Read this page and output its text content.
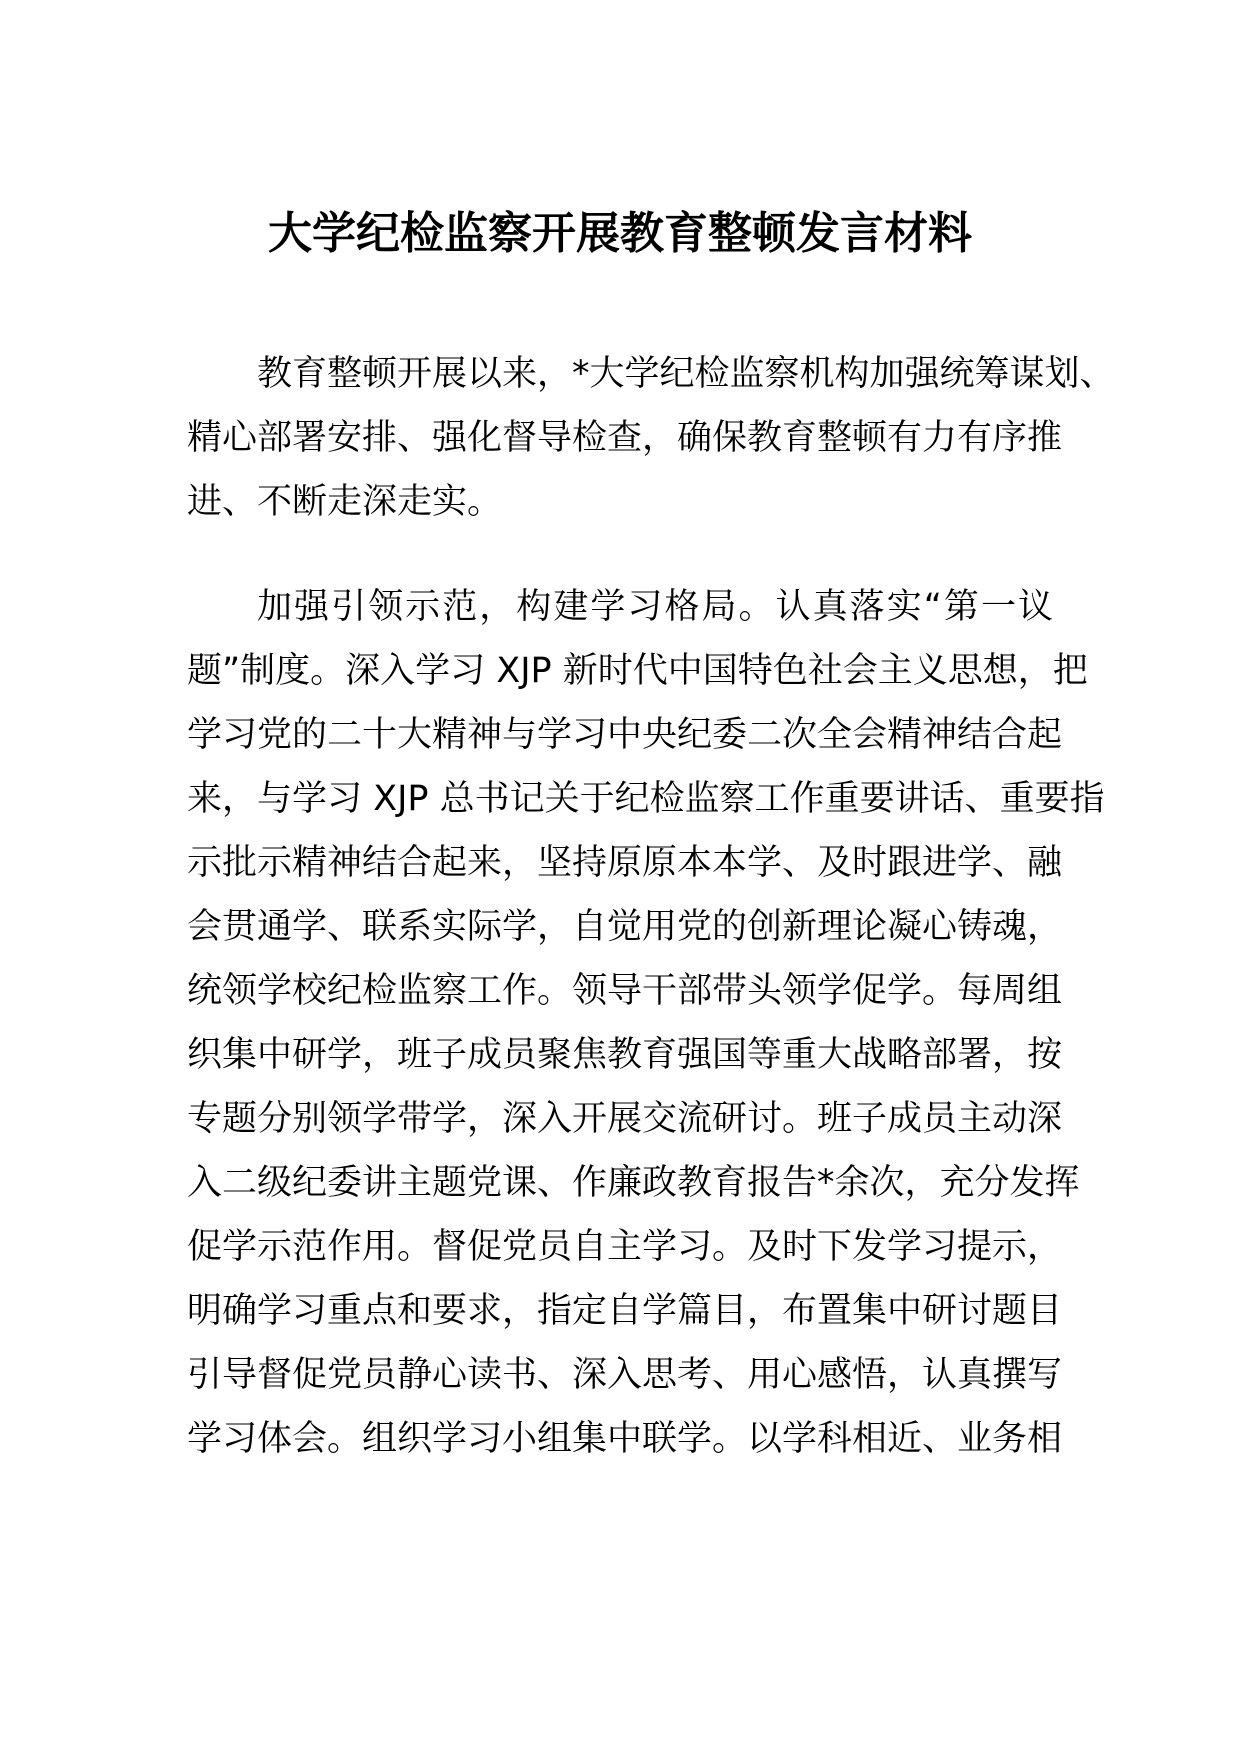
大学纪检监察开展教育整顿发言材料
教育整顿开展以来，*大学纪检监察机构加强统筹谋划、
精心部署安排、强化督导检查，确保教育整顿有力有序推
进、不断走深走实。
加强引领示范，构建学习格局。认真落实“第一议
题”制度。深入学习 XJP 新时代中国特色社会主义思想，把
学习党的二十大精神与学习中央纪委二次全会精神结合起
来，与学习 XJP 总书记关于纪检监察工作重要讲话、重要指
示批示精神结合起来，坚持原原本本学、及时跟进学、融
会贯通学、联系实际学，自觉用党的创新理论凝心铸魂，
统领学校纪检监察工作。领导干部带头领学促学。每周组
织集中研学，班子成员聚焦教育强国等重大战略部署，按
专题分别领学带学，深入开展交流研讨。班子成员主动深
入二级纪委讲主题党课、作廉政教育报告*余次，充分发挥
促学示范作用。督促党员自主学习。及时下发学习提示，
明确学习重点和要求，指定自学篇目，布置集中研讨题目
引导督促党员静心读书、深入思考、用心感悟，认真撰写
学习体会。组织学习小组集中联学。以学科相近、业务相
